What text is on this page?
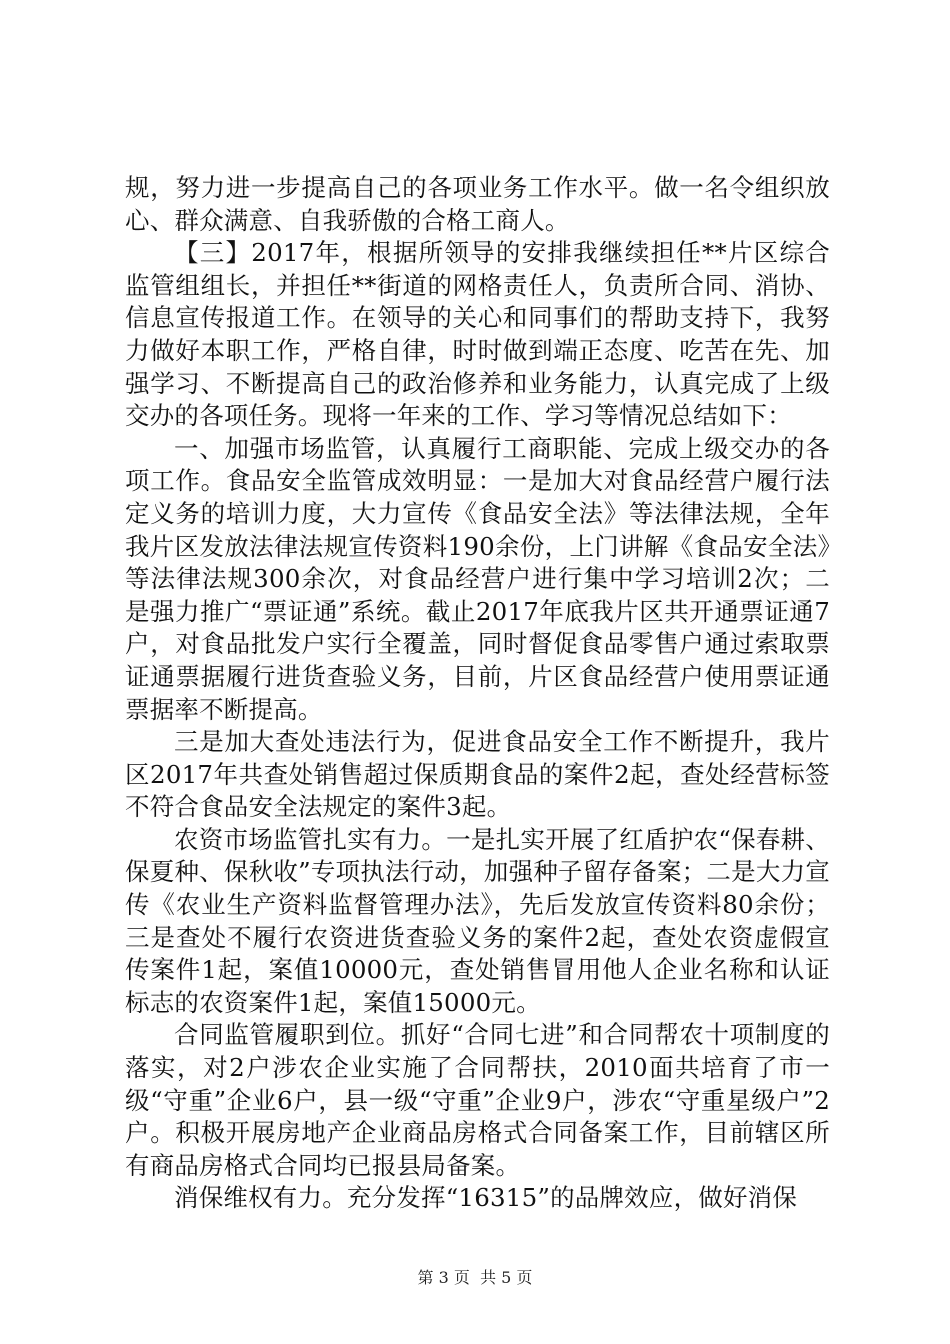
规，努力进一步提高自己的各项业务工作水平。做一名令组织放心、群众满意、自我骄傲的合格工商人。

【三】2017年，根据所领导的安排我继续担任**片区综合监管组组长，并担任**街道的网格责任人，负责所合同、消协、信息宣传报道工作。在领导的关心和同事们的帮助支持下，我努力做好本职工作，严格自律，时时做到端正态度、吃苦在先、加强学习、不断提高自己的政治修养和业务能力，认真完成了上级交办的各项任务。现将一年来的工作、学习等情况总结如下：

一、加强市场监管，认真履行工商职能、完成上级交办的各项工作。食品安全监管成效明显：一是加大对食品经营户履行法定义务的培训力度，大力宣传《食品安全法》等法律法规，全年我片区发放法律法规宣传资料190余份，上门讲解《食品安全法》等法律法规300余次，对食品经营户进行集中学习培训2次；二是强力推广“票证通”系统。截止2017年底我片区共开通票证通7户，对食品批发户实行全覆盖，同时督促食品零售户通过索取票证通票据履行进货查验义务，目前，片区食品经营户使用票证通票据率不断提高。

三是加大查处违法行为，促进食品安全工作不断提升，我片区2017年共查处销售超过保质期食品的案件2起，查处经营标签不符合食品安全法规定的案件3起。

农资市场监管扎实有力。一是扎实开展了红盾护农“保春耕、保夏种、保秋收”专项执法行动，加强种子留存备案；二是大力宣传《农业生产资料监督管理办法》，先后发放宣传资料80余份；三是查处不履行农资进货查验义务的案件2起，查处农资虚假宣传案件1起，案值10000元，查处销售冒用他人企业名称和认证标志的农资案件1起，案值15000元。

合同监管履职到位。抓好“合同七进”和合同帮农十项制度的落实，对2户涉农企业实施了合同帮扶，2010面共培育了市一级“守重”企业6户，县一级“守重”企业9户，涉农“守重星级户”2户。积极开展房地产企业商品房格式合同备案工作，目前辖区所有商品房格式合同均已报县局备案。

消保维权有力。充分发挥“16315”的品牌效应，做好消保

第 3 页  共 5 页
